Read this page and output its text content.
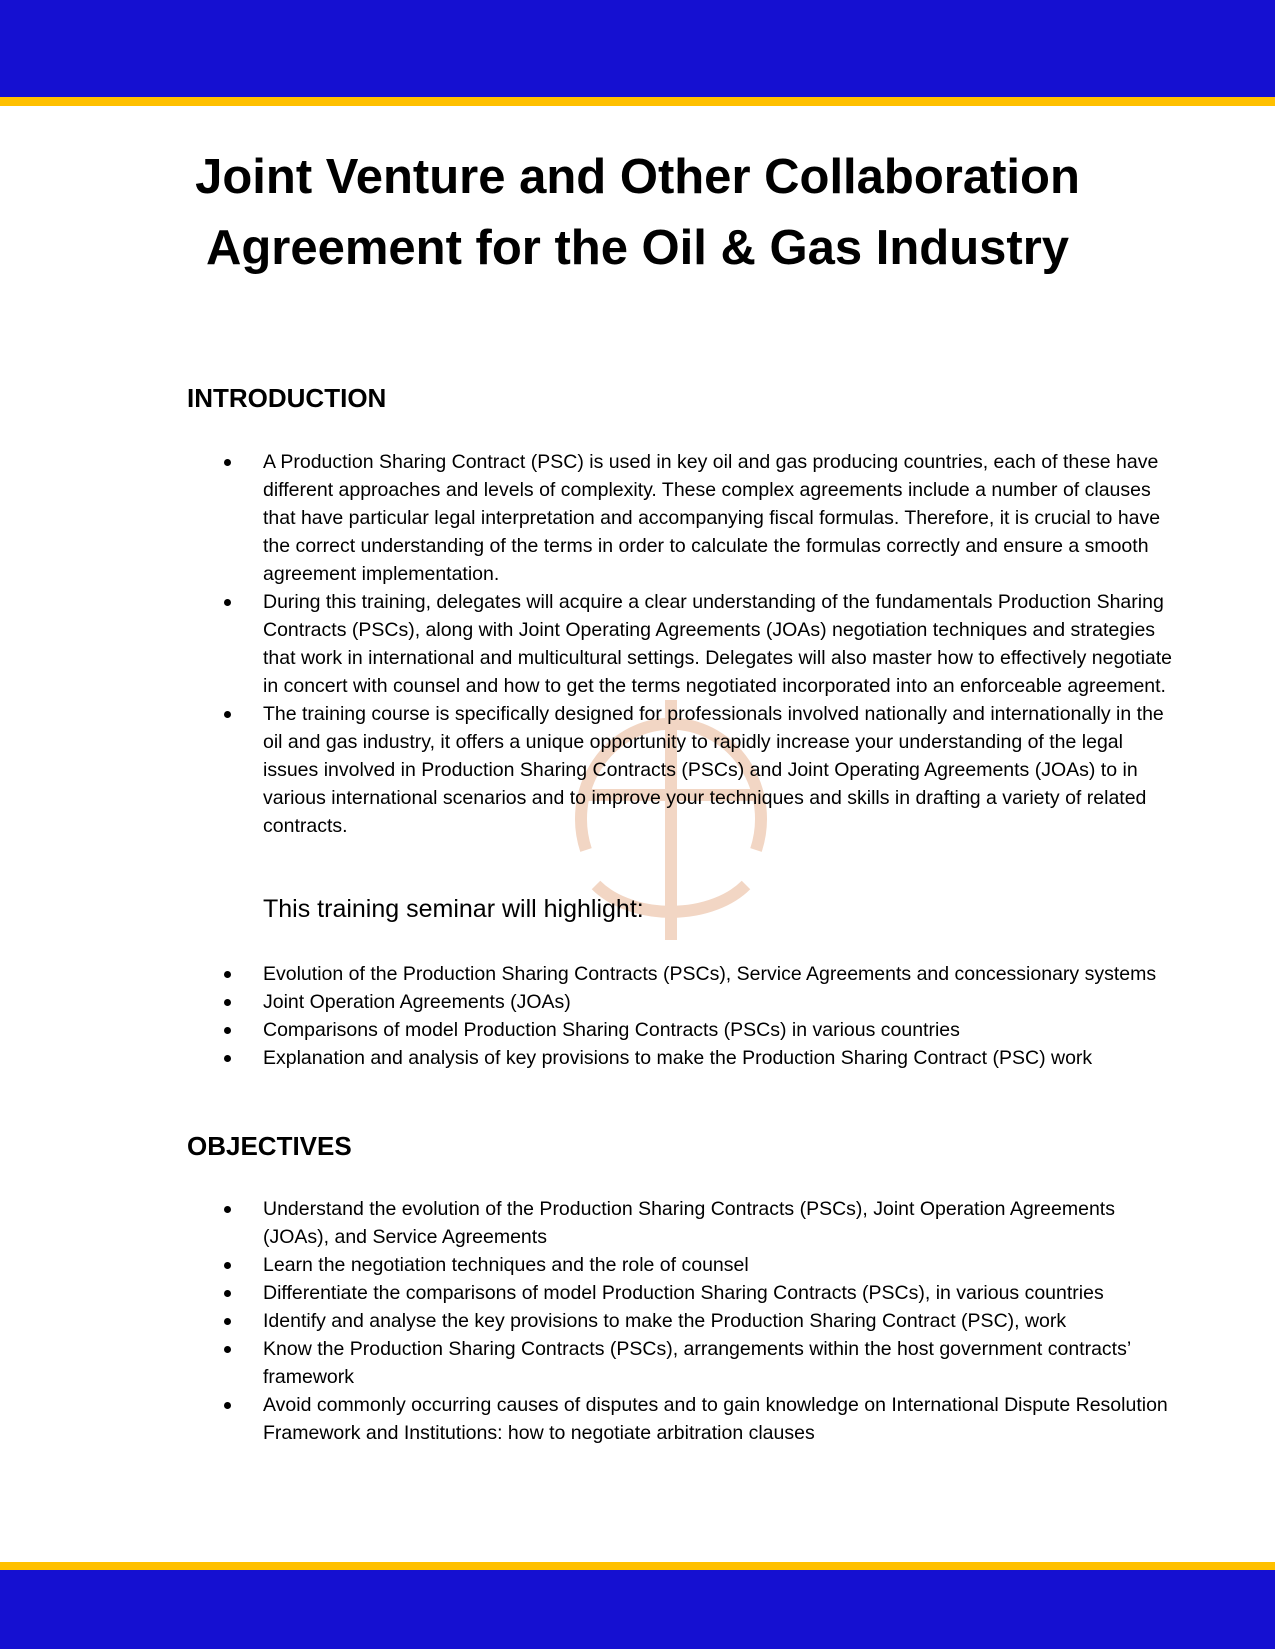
Joint Venture and Other Collaboration
Agreement for the Oil & Gas Industry
INTRODUCTION
A Production Sharing Contract (PSC) is used in key oil and gas producing countries, each of these have different approaches and levels of complexity. These complex agreements include a number of clauses that have particular legal interpretation and accompanying fiscal formulas. Therefore, it is crucial to have the correct understanding of the terms in order to calculate the formulas correctly and ensure a smooth agreement implementation.
During this training, delegates will acquire a clear understanding of the fundamentals Production Sharing Contracts (PSCs), along with Joint Operating Agreements (JOAs) negotiation techniques and strategies that work in international and multicultural settings. Delegates will also master how to effectively negotiate in concert with counsel and how to get the terms negotiated incorporated into an enforceable agreement.
The training course is specifically designed for professionals involved nationally and internationally in the oil and gas industry, it offers a unique opportunity to rapidly increase your understanding of the legal issues involved in Production Sharing Contracts (PSCs) and Joint Operating Agreements (JOAs) to in various international scenarios and to improve your techniques and skills in drafting a variety of related contracts.

This training seminar will highlight:

Evolution of the Production Sharing Contracts (PSCs), Service Agreements and concessionary systems
Joint Operation Agreements (JOAs)
Comparisons of model Production Sharing Contracts (PSCs) in various countries
Explanation and analysis of key provisions to make the Production Sharing Contract (PSC) work
OBJECTIVES
Understand the evolution of the Production Sharing Contracts (PSCs), Joint Operation Agreements (JOAs), and Service Agreements
Learn the negotiation techniques and the role of counsel
Differentiate the comparisons of model Production Sharing Contracts (PSCs), in various countries
Identify and analyse the key provisions to make the Production Sharing Contract (PSC), work
Know the Production Sharing Contracts (PSCs), arrangements within the host government contracts’ framework
Avoid commonly occurring causes of disputes and to gain knowledge on International Dispute Resolution Framework and Institutions: how to negotiate arbitration clauses
